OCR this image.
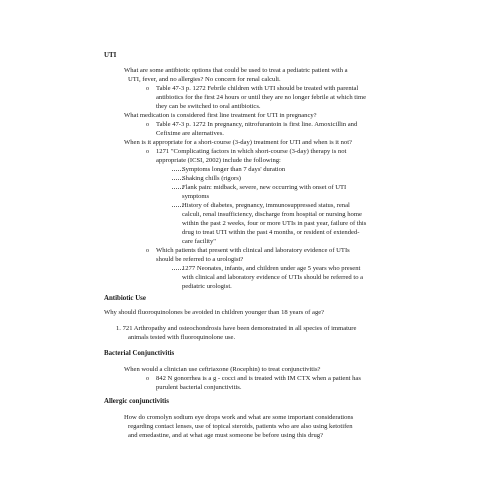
UTI
What are some antibiotic options that could be used to treat a pediatric patient with a
UTI, fever, and no allergies? No concern for renal calculi.
o Table 47-3 p. 1272 Febrile children with UTI should be treated with parental
antibiotics for the first 24 hours or until they are no longer febrile at which time
they can be switched to oral antibiotics.
What medication is considered first line treatment for UTI in pregnancy?
o Table 47-3 p. 1272 In pregnancy, nitrofurantoin is first line. Amoxicillin and
Cefixime are alternatives.
When is it appropriate for a short-course (3-day) treatment for UTI and when is it not?
o 1271 "Complicating factors in which short-course (3-day) therapy is not
appropriate (ICSI, 2002) include the following:
Symptoms longer than 7 days' duration
Shaking chills (rigors)
Flank pain: midback, severe, new occurring with onset of UTI
symptoms
History of diabetes, pregnancy, immunosuppressed status, renal
calculi, renal insufficiency, discharge from hospital or nursing home
within the past 2 weeks, four or more UTIs in past year, failure of this
drug to treat UTI within the past 4 months, or resident of extended-
care facility"
o Which patients that present with clinical and laboratory evidence of UTIs
should be referred to a urologist?
1277 Neonates, infants, and children under age 5 years who present
with clinical and laboratory evidence of UTIs should be referred to a
pediatric urologist.
Antibiotic Use
Why should fluoroquinolones be avoided in children younger than 18 years of age?
1. 721 Arthropathy and osteochondrosis have been demonstrated in all species of immature
animals tested with fluoroquinolone use.
Bacterial Conjunctivitis
When would a clinician use ceftriaxone (Rocephin) to treat conjunctivitis?
o 842 N gonorrhea is a g - cocci and is treated with IM CTX when a patient has
purulent bacterial conjunctivitis.
Allergic conjunctivitis
How do cromolyn sodium eye drops work and what are some important considerations
regarding contact lenses, use of topical steroids, patients who are also using ketotifen
and emedastine, and at what age must someone be before using this drug?
